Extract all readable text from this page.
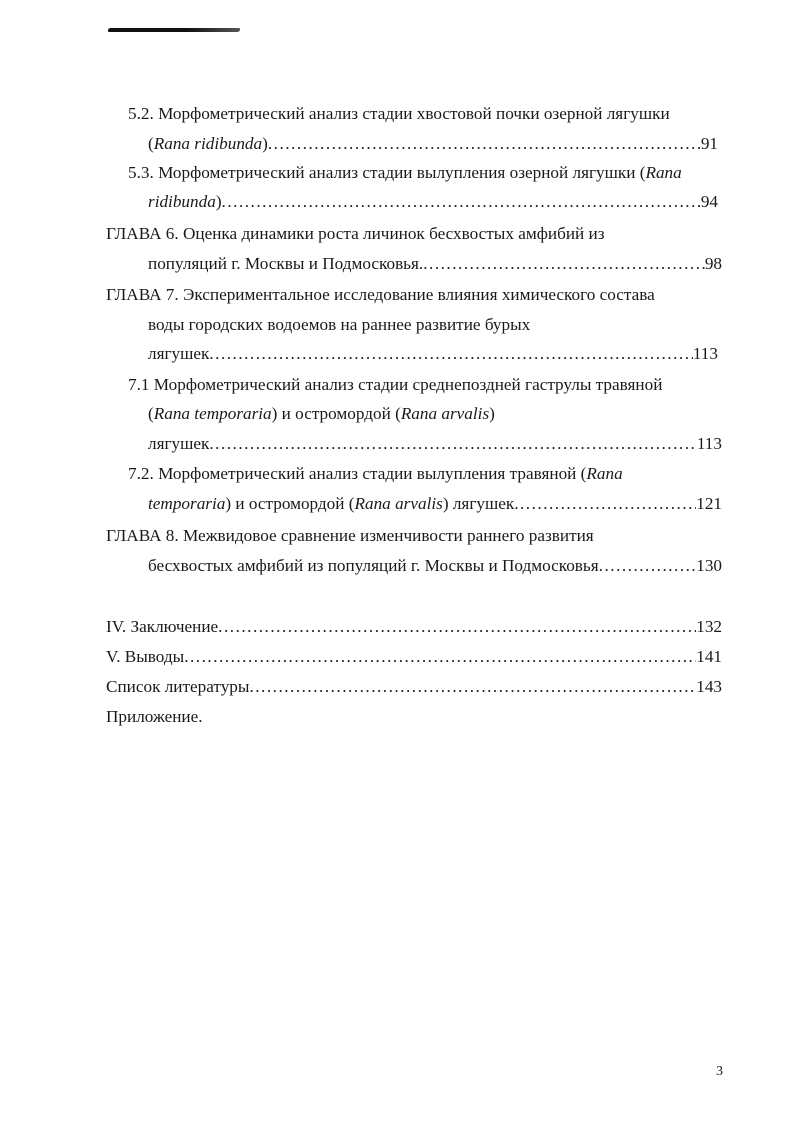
5.2. Морфометрический анализ стадии хвостовой почки озерной лягушки
(Rana ridibunda) .....	91
5.3. Морфометрический анализ стадии вылупления озерной лягушки (Rana
ridibunda) .....	94
ГЛАВА 6. Оценка динамики роста личинок бесхвостых амфибий из
популяций г. Москвы и Подмосковья. .....	98
ГЛАВА 7. Экспериментальное исследование влияния химического состава
воды городских водоемов на раннее развитие бурых
лягушек .....	113
7.1 Морфометрический анализ стадии среднепоздней гаструлы травяной
(Rana temporaria) и остромордой (Rana arvalis)
лягушек .....	113
7.2. Морфометрический анализ стадии вылупления травяной (Rana
temporaria) и остромордой (Rana arvalis) лягушек .....	121
ГЛАВА 8. Межвидовое сравнение изменчивости раннего развития
бесхвостых амфибий из популяций г. Москвы и Подмосковья .....	130
IV. Заключение .....	132
V. Выводы .....	141
Список литературы .....	143
Приложение.
3
